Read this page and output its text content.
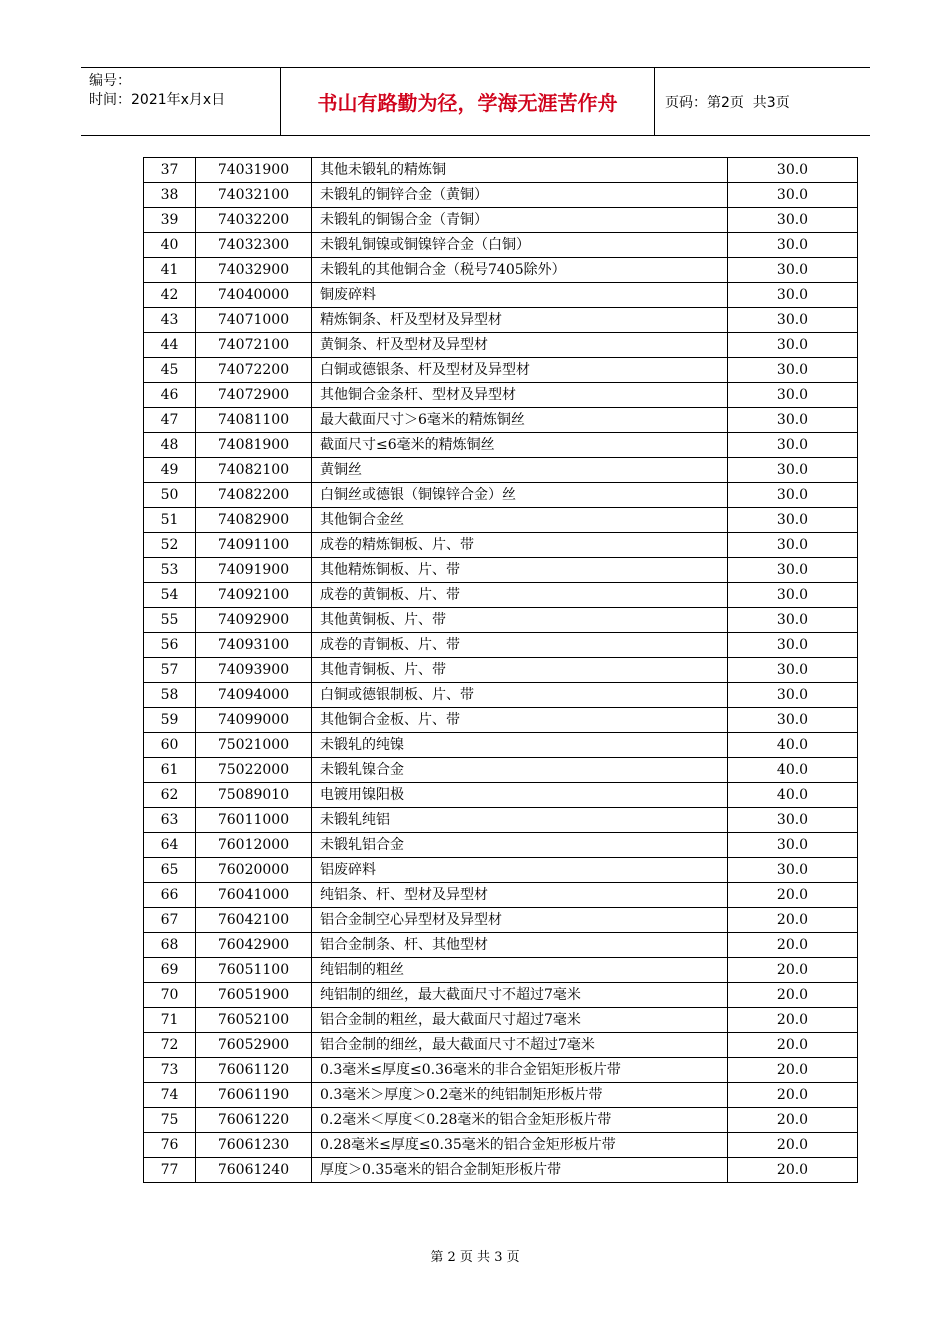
编号：
时间：2021年x月x日	书山有路勤为径，学海无涯苦作舟	页码：第2页  共3页
37	74031900	其他未锻轧的精炼铜	30.0
38	74032100	未锻轧的铜锌合金（黄铜）	30.0
39	74032200	未锻轧的铜锡合金（青铜）	30.0
40	74032300	未锻轧铜镍或铜镍锌合金（白铜）	30.0
41	74032900	未锻轧的其他铜合金（税号7405除外）	30.0
42	74040000	铜废碎料	30.0
43	74071000	精炼铜条、杆及型材及异型材	30.0
44	74072100	黄铜条、杆及型材及异型材	30.0
45	74072200	白铜或德银条、杆及型材及异型材	30.0
46	74072900	其他铜合金条杆、型材及异型材	30.0
47	74081100	最大截面尺寸＞6毫米的精炼铜丝	30.0
48	74081900	截面尺寸≤6毫米的精炼铜丝	30.0
49	74082100	黄铜丝	30.0
50	74082200	白铜丝或德银（铜镍锌合金）丝	30.0
51	74082900	其他铜合金丝	30.0
52	74091100	成卷的精炼铜板、片、带	30.0
53	74091900	其他精炼铜板、片、带	30.0
54	74092100	成卷的黄铜板、片、带	30.0
55	74092900	其他黄铜板、片、带	30.0
56	74093100	成卷的青铜板、片、带	30.0
57	74093900	其他青铜板、片、带	30.0
58	74094000	白铜或德银制板、片、带	30.0
59	74099000	其他铜合金板、片、带	30.0
60	75021000	未锻轧的纯镍	40.0
61	75022000	未锻轧镍合金	40.0
62	75089010	电镀用镍阳极	40.0
63	76011000	未锻轧纯铝	30.0
64	76012000	未锻轧铝合金	30.0
65	76020000	铝废碎料	30.0
66	76041000	纯铝条、杆、型材及异型材	20.0
67	76042100	铝合金制空心异型材及异型材	20.0
68	76042900	铝合金制条、杆、其他型材	20.0
69	76051100	纯铝制的粗丝	20.0
70	76051900	纯铝制的细丝，最大截面尺寸不超过7毫米	20.0
71	76052100	铝合金制的粗丝，最大截面尺寸超过7毫米	20.0
72	76052900	铝合金制的细丝，最大截面尺寸不超过7毫米	20.0
73	76061120	0.3毫米≤厚度≤0.36毫米的非合金铝矩形板片带	20.0
74	76061190	0.3毫米＞厚度＞0.2毫米的纯铝制矩形板片带	20.0
75	76061220	0.2毫米＜厚度＜0.28毫米的铝合金矩形板片带	20.0
76	76061230	0.28毫米≤厚度≤0.35毫米的铝合金矩形板片带	20.0
77	76061240	厚度＞0.35毫米的铝合金制矩形板片带	20.0
第 2 页 共 3 页
